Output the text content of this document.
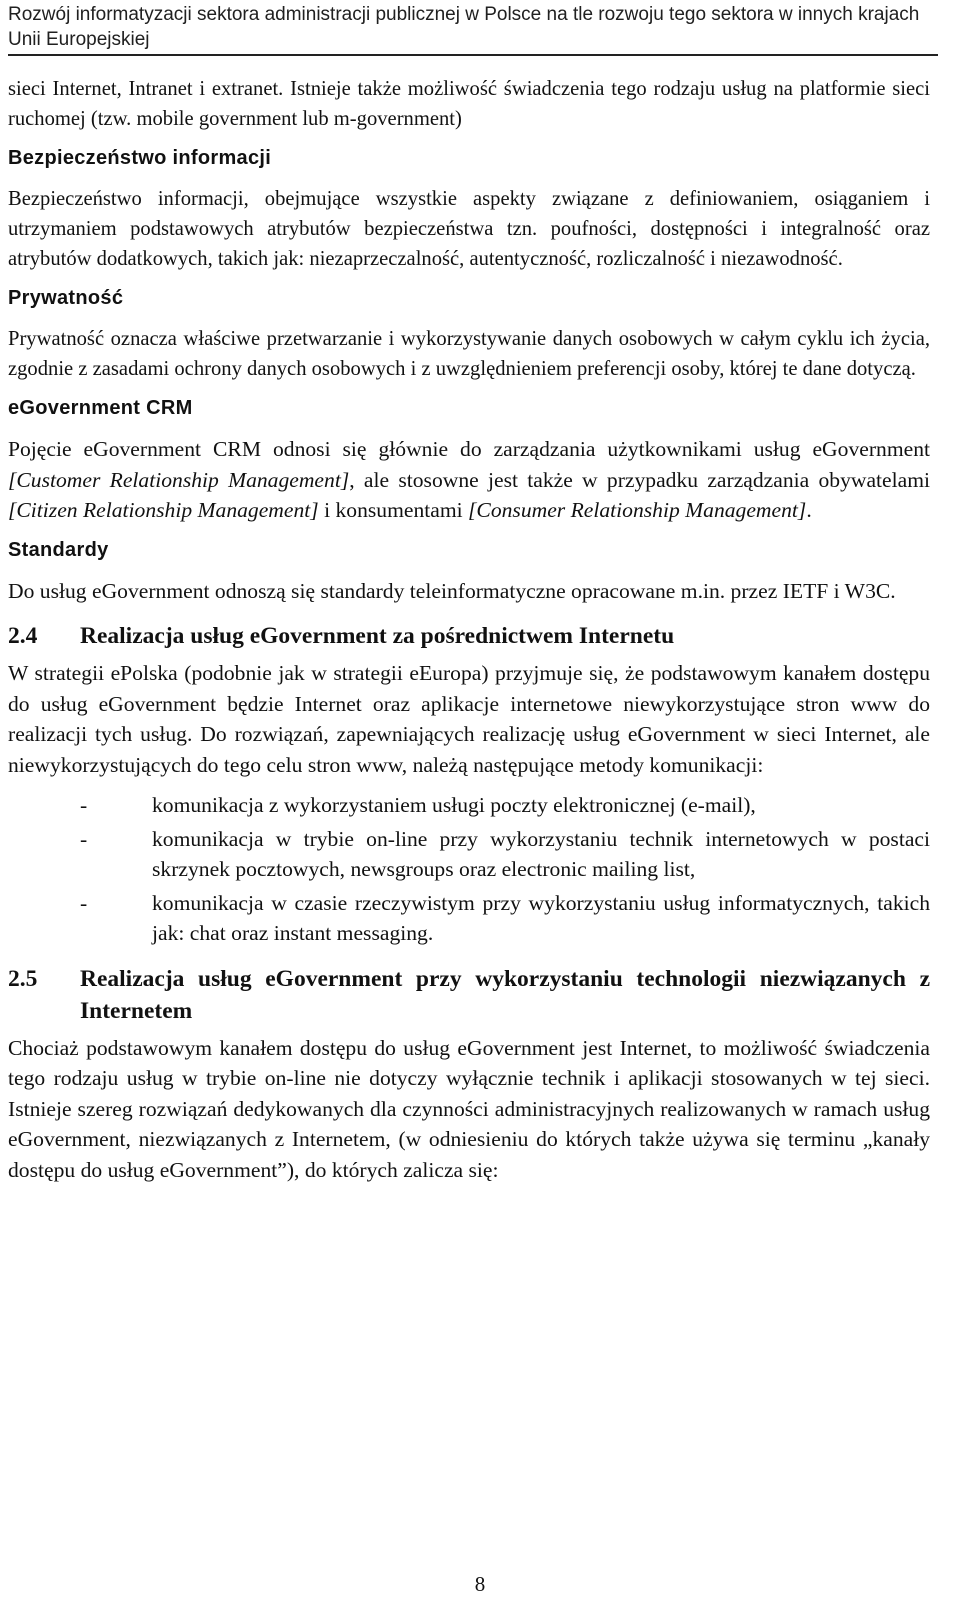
Rozwój informatyzacji sektora administracji publicznej w Polsce na tle rozwoju tego sektora w innych krajach Unii Europejskiej

sieci Internet, Intranet i extranet. Istnieje także możliwość świadczenia tego rodzaju usług na platformie sieci ruchomej (tzw. mobile government lub m-government)

Bezpieczeństwo informacji

Bezpieczeństwo informacji, obejmujące wszystkie aspekty związane z definiowaniem, osiąganiem i utrzymaniem podstawowych atrybutów bezpieczeństwa tzn. poufności, dostępności i integralność oraz atrybutów dodatkowych, takich jak: niezaprzeczalność, autentyczność, rozliczalność i niezawodność.

Prywatność

Prywatność oznacza właściwe przetwarzanie i wykorzystywanie danych osobowych w całym cyklu ich życia, zgodnie z zasadami ochrony danych osobowych i z uwzględnieniem preferencji osoby, której te dane dotyczą.

eGovernment CRM

Pojęcie eGovernment CRM odnosi się głównie do zarządzania użytkownikami usług eGovernment [Customer Relationship Management], ale stosowne jest także w przypadku zarządzania obywatelami [Citizen Relationship Management] i konsumentami [Consumer Relationship Management].

Standardy

Do usług eGovernment odnoszą się standardy teleinformatyczne opracowane m.in. przez IETF i W3C.

2.4	Realizacja usług eGovernment za pośrednictwem Internetu

W strategii ePolska (podobnie jak w strategii eEuropa) przyjmuje się, że podstawowym kanałem dostępu do usług eGovernment będzie Internet oraz aplikacje internetowe niewykorzystujące stron www do realizacji tych usług. Do rozwiązań, zapewniających realizację usług eGovernment w sieci Internet, ale niewykorzystujących do tego celu stron www, należą następujące metody komunikacji:

-	komunikacja z wykorzystaniem usługi poczty elektronicznej (e-mail),
-	komunikacja w trybie on-line przy wykorzystaniu technik internetowych w postaci skrzynek pocztowych, newsgroups oraz electronic mailing list,
-	komunikacja w czasie rzeczywistym przy wykorzystaniu usług informatycznych, takich jak: chat oraz instant messaging.
2.5	Realizacja usług eGovernment przy wykorzystaniu technologii niezwiązanych z Internetem

Chociaż podstawowym kanałem dostępu do usług eGovernment jest Internet, to możliwość świadczenia tego rodzaju usług w trybie on-line nie dotyczy wyłącznie technik i aplikacji stosowanych w tej sieci. Istnieje szereg rozwiązań dedykowanych dla czynności administracyjnych realizowanych w ramach usług eGovernment, niezwiązanych z Internetem, (w odniesieniu do których także używa się terminu „kanały dostępu do usług eGovernment”), do których zalicza się:

8
